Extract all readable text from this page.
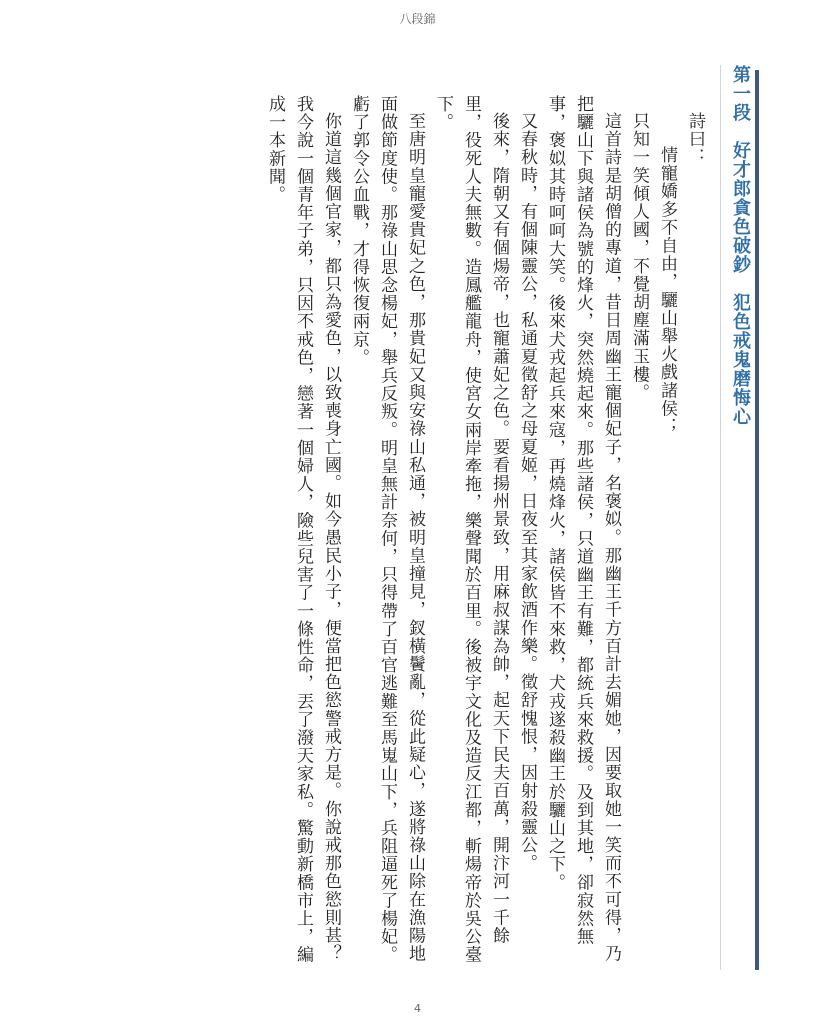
八段錦
第一段　好才郎貪色破鈔　犯色戒鬼磨悔心

詩曰：

情寵嬌多不自由，驪山舉火戲諸侯；

只知一笑傾人國，不覺胡塵滿玉樓。

這首詩是胡僧的專道，昔日周幽王寵個妃子，名褒姒。那幽王千方百計去媚她，因要取她一笑而不可得，乃把驪山下與諸侯為號的烽火，突然燒起來。那些諸侯，只道幽王有難，都統兵來救援。及到其地，卻寂然無事，褒姒其時呵呵大笑。後來犬戎起兵來寇，再燒烽火，諸侯皆不來救，犬戎遂殺幽王於驪山之下。

又春秋時，有個陳靈公，私通夏徵舒之母夏姬，日夜至其家飲酒作樂。徵舒愧恨，因射殺靈公。

後來，隋朝又有個煬帝，也寵蕭妃之色。要看揚州景致，用麻叔謀為帥，起天下民夫百萬，開汴河一千餘里，役死人夫無數。造鳳艦龍舟，使宮女兩岸牽拖，樂聲聞於百里。後被宇文化及造反江都，斬煬帝於吳公臺下。

至唐明皇寵愛貴妃之色，那貴妃又與安祿山私通，被明皇撞見，釵橫鬢亂，從此疑心，遂將祿山除在漁陽地面做節度使。那祿山思念楊妃，舉兵反叛。明皇無計奈何，只得帶了百官逃難至馬嵬山下，兵阻逼死了楊妃。虧了郭令公血戰，才得恢復兩京。

你道這幾個官家，都只為愛色，以致喪身亡國。如今愚民小子，便當把色慾警戒方是。你說戒那色慾則甚？我今說一個青年子弟，只因不戒色，戀著一個婦人，險些兒害了一條性命，丟了潑天家私。驚動新橋市上，編成一本新聞。

4
